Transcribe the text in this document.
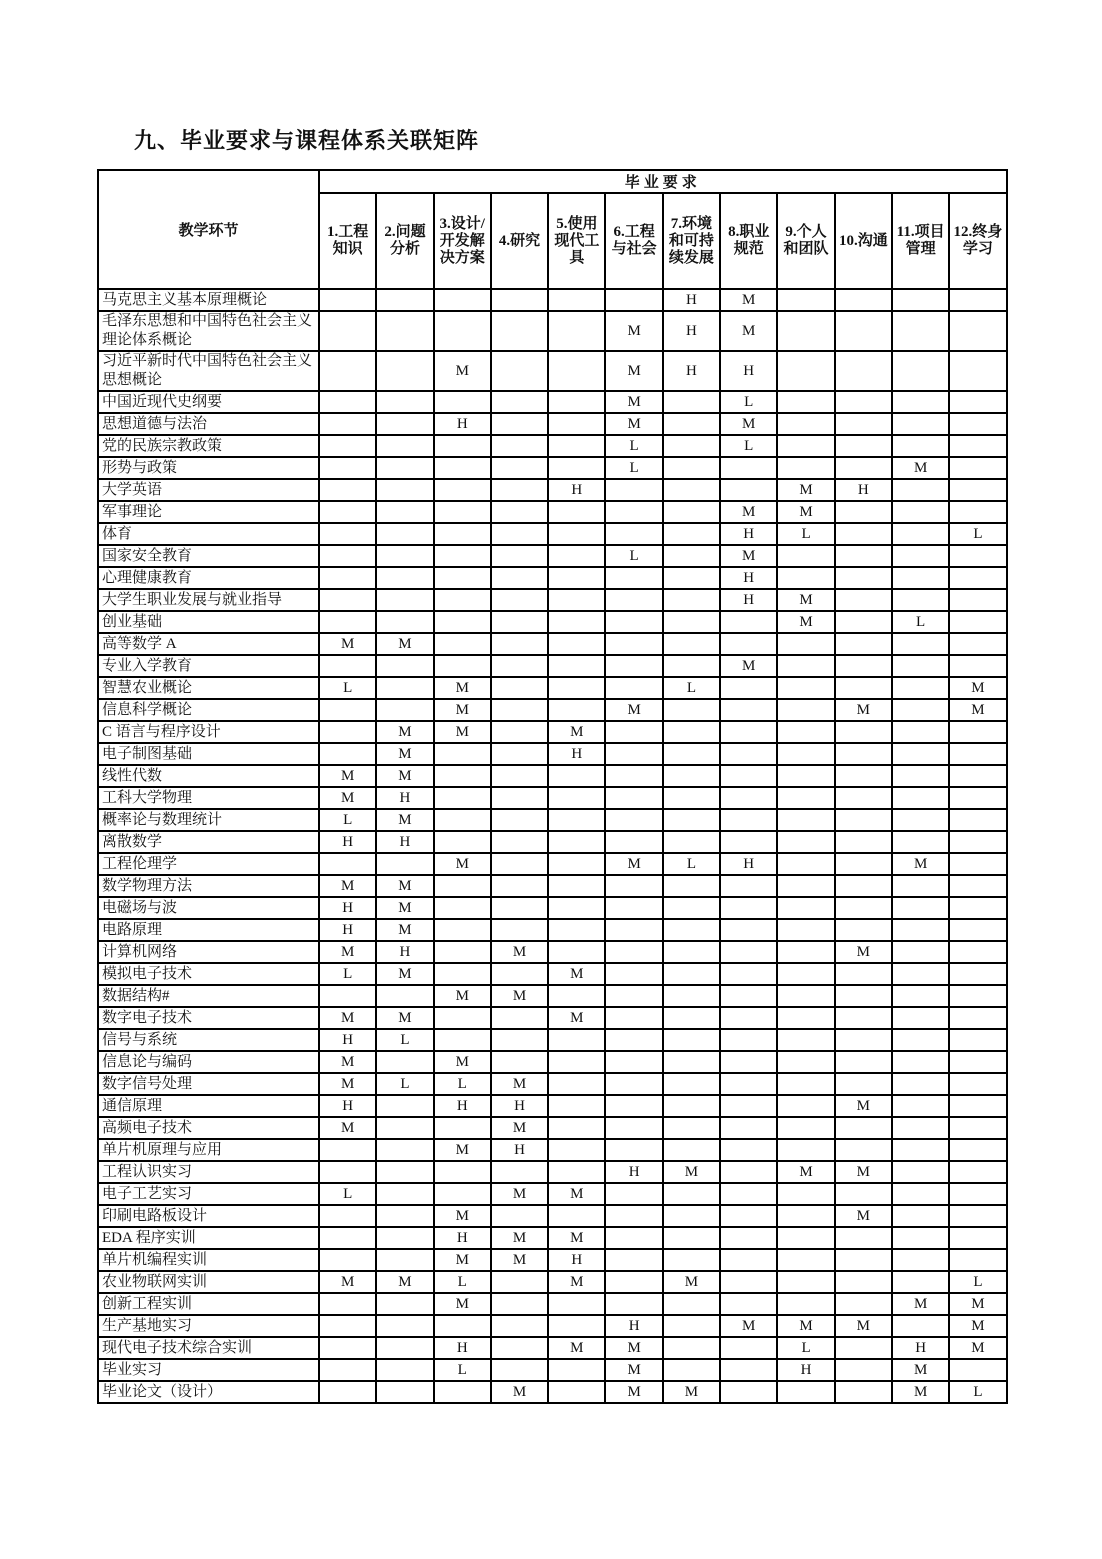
九、毕业要求与课程体系关联矩阵
教学环节	毕业要求											
	1.工程知识	2.问题分析	3.设计/开发解决方案	4.研究	5.使用现代工具	6.工程与社会	7.环境和可持续发展	8.职业规范	9.个人和团队	10.沟通	11.项目管理	12.终身学习
马克思主义基本原理概论							H	M				
毛泽东思想和中国特色社会主义理论体系概论						M	H	M				
习近平新时代中国特色社会主义思想概论			M			M	H	H				
中国近现代史纲要						M		L				
思想道德与法治			H			M		M				
党的民族宗教政策						L		L				
形势与政策						L					M	
大学英语					H				M	H		
军事理论								M	M			
体育								H	L			L
国家安全教育						L		M				
心理健康教育								H				
大学生职业发展与就业指导								H	M			
创业基础									M		L	
高等数学 A	M	M										
专业入学教育								M				
智慧农业概论	L		M				L					M
信息科学概论			M			M				M		M
C 语言与程序设计		M	M		M							
电子制图基础		M			H							
线性代数	M	M										
工科大学物理	M	H										
概率论与数理统计	L	M										
离散数学	H	H										
工程伦理学			M			M	L	H			M	
数学物理方法	M	M										
电磁场与波	H	M										
电路原理	H	M										
计算机网络	M	H		M						M		
模拟电子技术	L	M			M							
数据结构#			M	M								
数字电子技术	M	M			M							
信号与系统	H	L										
信息论与编码	M		M									
数字信号处理	M	L	L	M								
通信原理	H		H	H						M		
高频电子技术	M			M								
单片机原理与应用			M	H								
工程认识实习						H	M		M	M		
电子工艺实习	L			M	M							
印刷电路板设计			M							M		
EDA 程序实训			H	M	M							
单片机编程实训			M	M	H							
农业物联网实训	M	M	L		M		M					L
创新工程实训			M								M	M
生产基地实习						H		M	M	M		M
现代电子技术综合实训			H		M	M			L		H	M
毕业实习			L			M			H		M	
毕业论文（设计）				M		M	M				M	L
